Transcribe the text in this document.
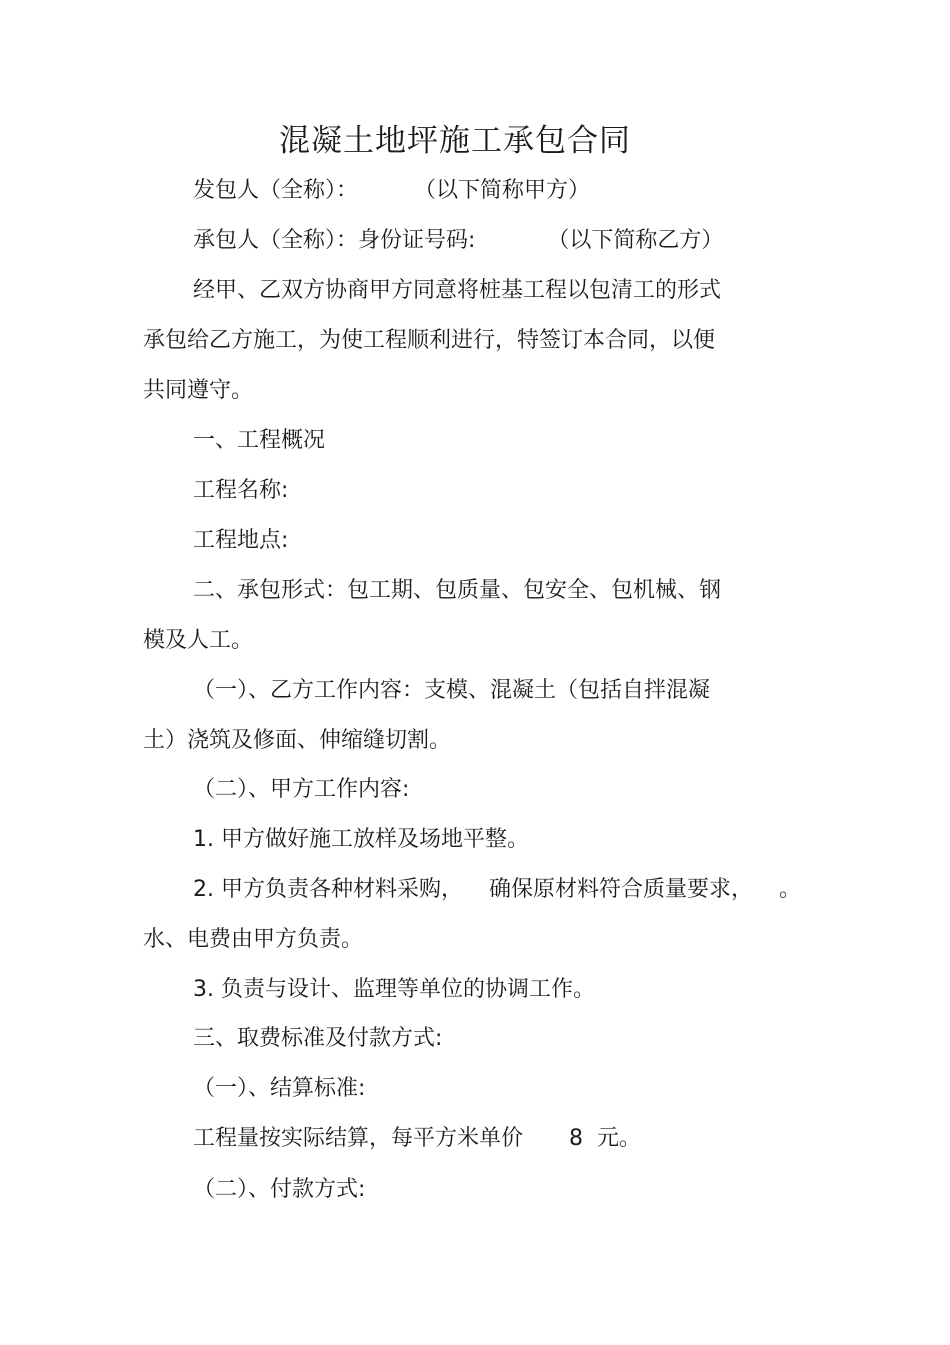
混凝土地坪施工承包合同
发包人（全称）：	（以下简称甲方）
承包人（全称）：身份证号码:	（以下简称乙方）
经甲、乙双方协商甲方同意将桩基工程以包清工的形式
承包给乙方施工，为使工程顺利进行，特签订本合同，以便
共同遵守。
一、工程概况
工程名称:
工程地点:
二、承包形式：包工期、包质量、包安全、包机械、钢
模及人工。
（一）、乙方工作内容：支模、混凝土（包括自拌混凝
土）浇筑及修面、伸缩缝切割。
（二）、甲方工作内容:
1. 甲方做好施工放样及场地平整。
2. 甲方负责各种材料采购， 确保原材料符合质量要求， 。
水、电费由甲方负责。
3. 负责与设计、监理等单位的协调工作。
三、取费标准及付款方式:
（一）、结算标准:
工程量按实际结算，每平方米单价 8 元。
（二）、付款方式:
